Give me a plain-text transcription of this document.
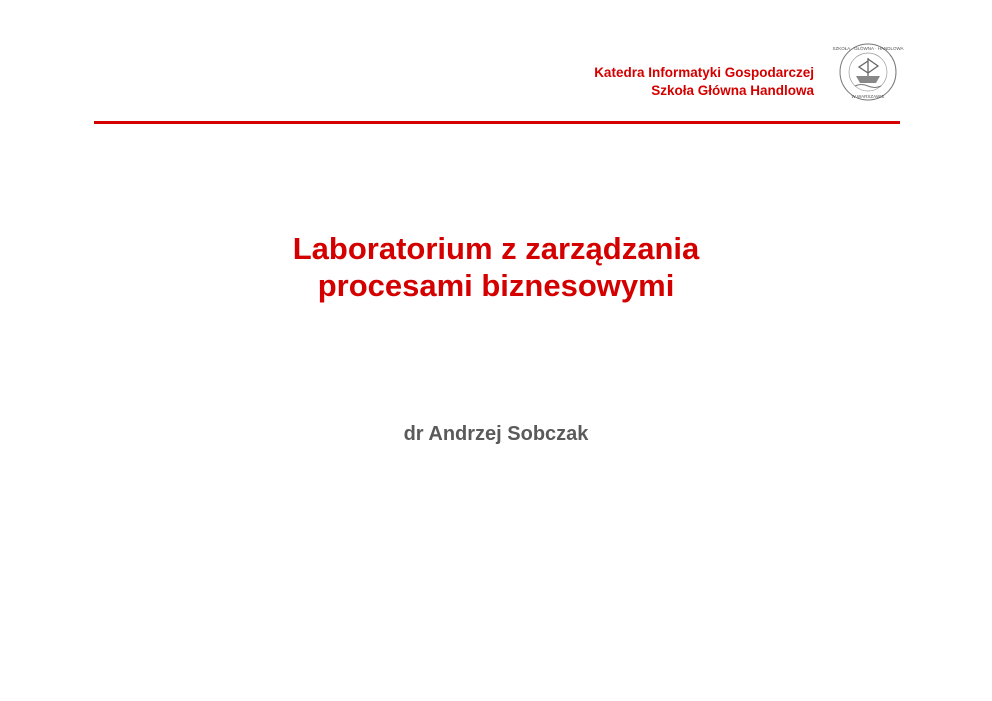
Katedra Informatyki Gospodarczej
Szkoła Główna Handlowa
SZKOŁA · GŁÓWNA · HANDLOWA
W WARSZAWIE
Laboratorium z zarządzania
procesami biznesowymi
dr Andrzej Sobczak
